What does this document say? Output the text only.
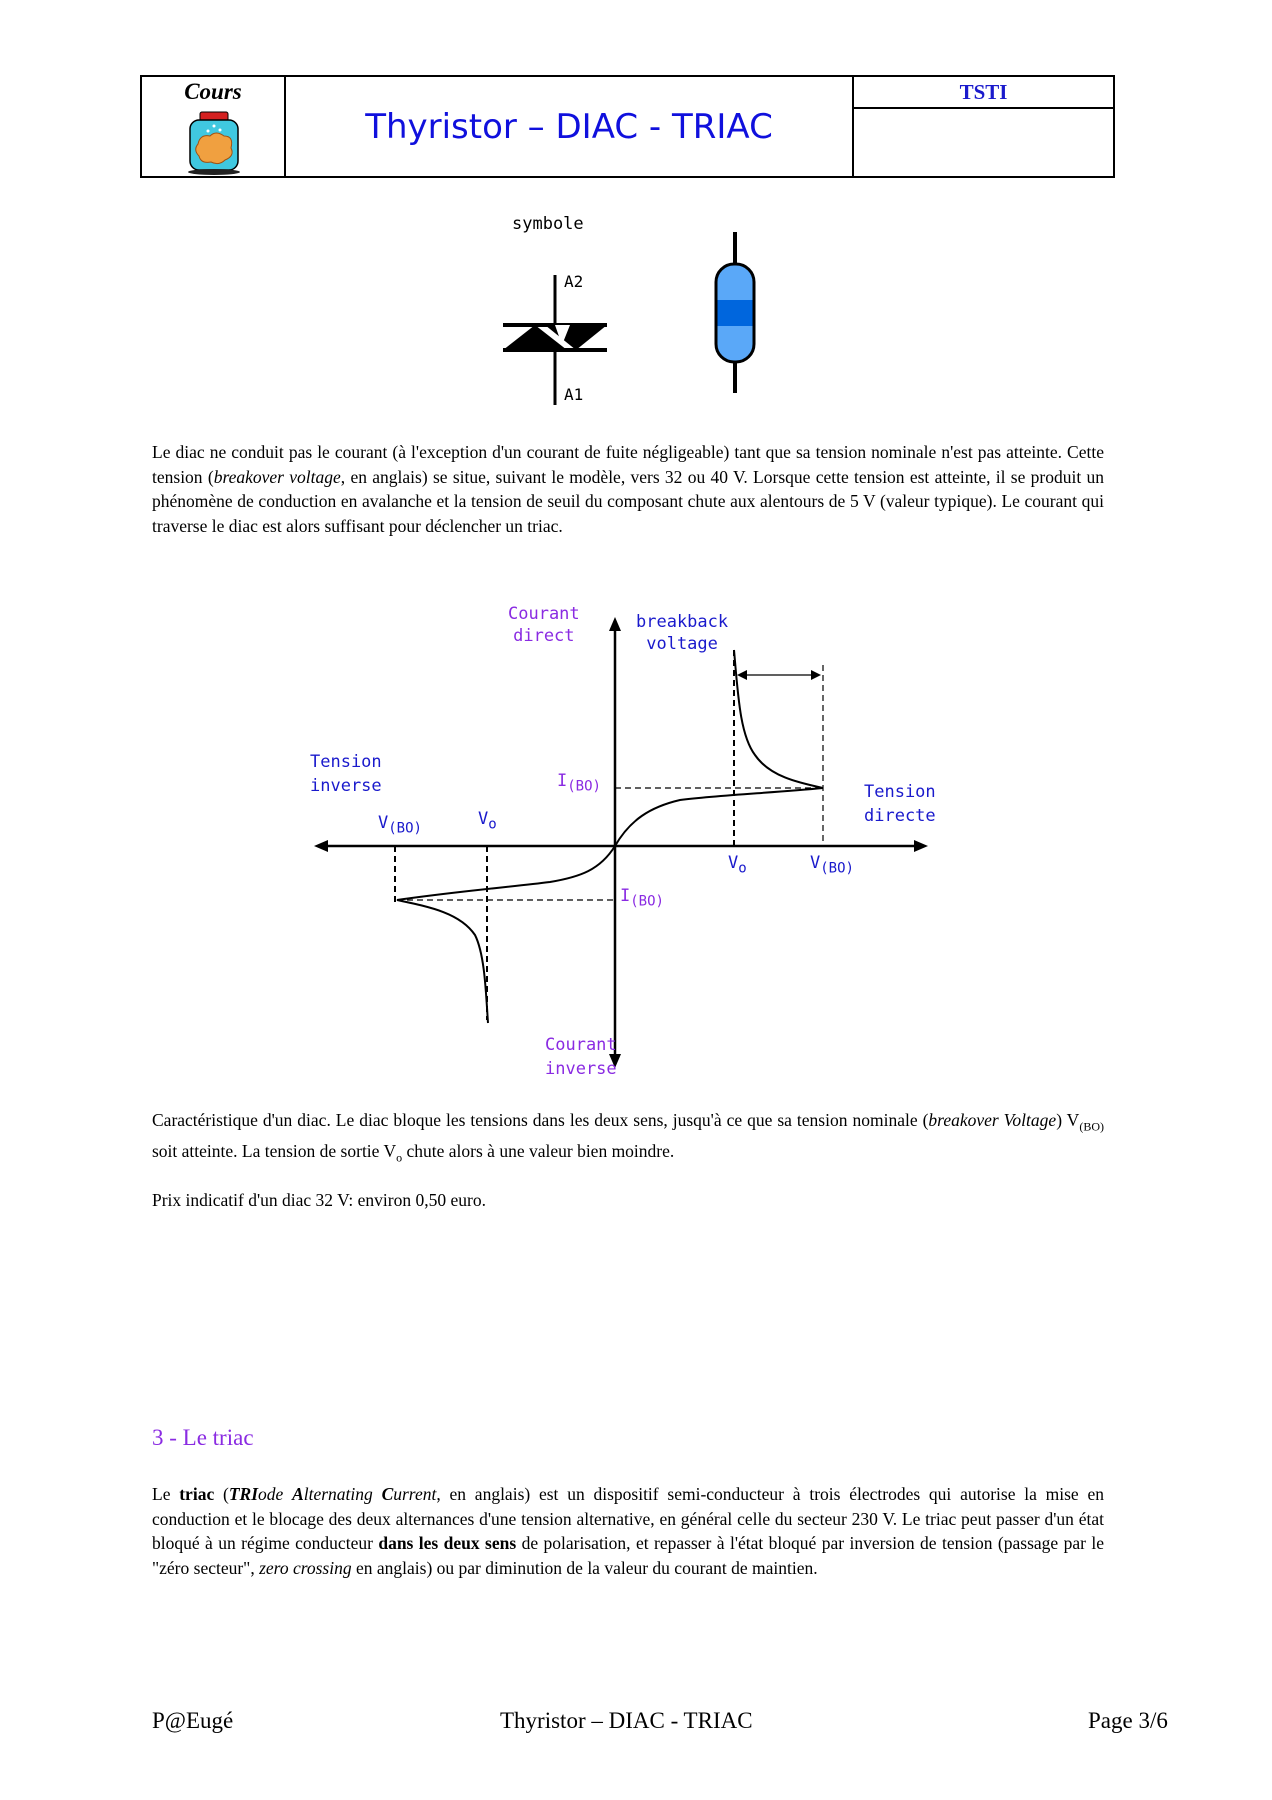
Cours
Thyristor – DIAC - TRIAC
TSTI
symbole
A2
A1

Le diac ne conduit pas le courant (à l'exception d'un courant de fuite négligeable) tant que sa tension nominale n'est pas atteinte. Cette tension (breakover voltage, en anglais) se situe, suivant le modèle, vers 32 ou 40 V. Lorsque cette tension est atteinte, il se produit un phénomène de conduction en avalanche et la tension de seuil du composant chute aux alentours de 5 V (valeur typique). Le courant qui traverse le diac est alors suffisant pour déclencher un triac.

Courant
direct
breakback
voltage
Tension
inverse	Tension
directe
Courant
inverse
$V_{(BO)}$	$V_o$
$I_{(BO)}$
$I_{(BO)}$
$V_o$	$V_{(BO)}$

Caractéristique d'un diac. Le diac bloque les tensions dans les deux sens, jusqu'à ce que sa tension nominale (breakover Voltage) $V_{(BO)}$ soit atteinte. La tension de sortie $V_o$ chute alors à une valeur bien moindre.

Prix indicatif d'un diac 32 V: environ 0,50 euro.

3 - Le triac

Le triac (TRIode Alternating Current, en anglais) est un dispositif semi-conducteur à trois électrodes qui autorise la mise en conduction et le blocage des deux alternances d'une tension alternative, en général celle du secteur 230 V. Le triac peut passer d'un état bloqué à un régime conducteur dans les deux sens de polarisation, et repasser à l'état bloqué par inversion de tension (passage par le "zéro secteur", zero crossing en anglais) ou par diminution de la valeur du courant de maintien.

P@Eugé	Thyristor – DIAC - TRIAC	Page 3/6
